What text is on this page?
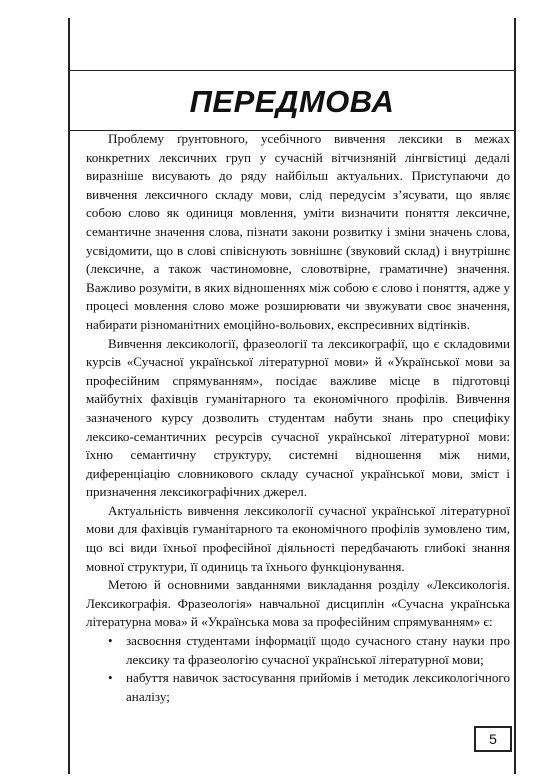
ПЕРЕДМОВА

Проблему ґрунтовного, усебічного вивчення лексики в межах конкретних лексичних груп у сучасній вітчизняній лінгвістиці дедалі виразніше висувають до ряду найбільш актуальних. Приступаючи до вивчення лексичного складу мови, слід передусім з’ясувати, що являє собою слово як одиниця мовлення, уміти визначити поняття лексичне, семантичне значення слова, пізнати закони розвитку і зміни значень слова, усвідомити, що в слові співіснують зовнішнє (звуковий склад) і внутрішнє (лексичне, а також частиномовне, словотвірне, граматичне) значення. Важливо розуміти, в яких відношеннях між собою є слово і поняття, адже у процесі мовлення слово може розширювати чи звужувати своє значення, набирати різноманітних емоційно-вольових, експресивних відтінків.

Вивчення лексикології, фразеології та лексикографії, що є складовими курсів «Сучасної української літературної мови» й «Української мови за професійним спрямуванням», посідає важливе місце в підготовці майбутніх фахівців гуманітарного та економічного профілів. Вивчення зазначеного курсу дозволить студентам набути знань про специфіку лексико-семантичних ресурсів сучасної української літературної мови: їхню семантичну структуру, системні відношення між ними, диференціацію словникового складу сучасної української мови, зміст і призначення лексикографічних джерел.

Актуальність вивчення лексикології сучасної української літературної мови для фахівців гуманітарного та економічного профілів зумовлено тим, що всі види їхньої професійної діяльності передбачають глибокі знання мовної структури, її одиниць та їхнього функціонування.

Метою й основними завданнями викладання розділу «Лексикологія. Лексикографія. Фразеологія» навчальної дисциплін «Сучасна українська літературна мова» й «Українська мова за професійним спрямуванням» є:

• засвоєння студентами інформації щодо сучасного стану науки про лексику та фразеологію сучасної української літературної мови;
• набуття навичок застосування прийомів і методик лексикологічного аналізу;
5
